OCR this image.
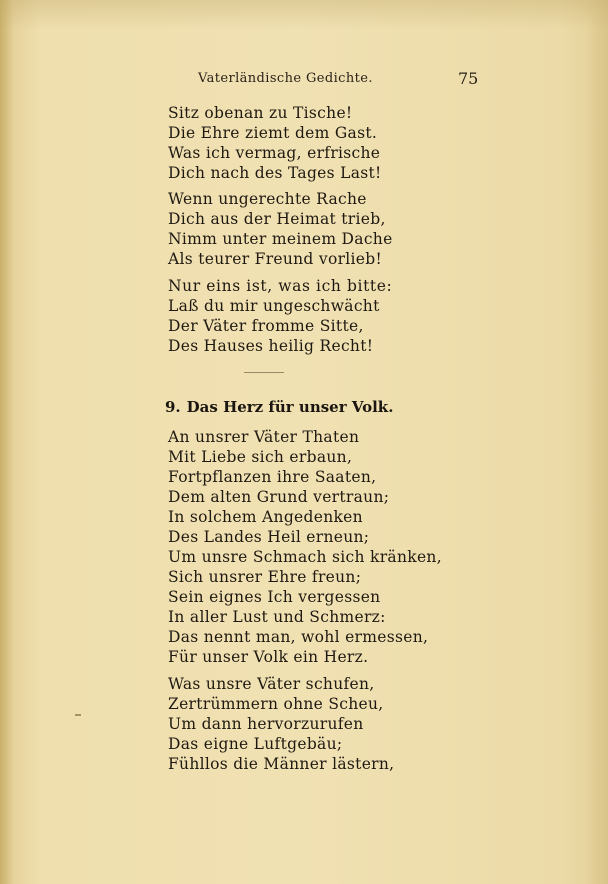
Vaterländische Gedichte.	75
Sitz obenan zu Tische!
Die Ehre ziemt dem Gast.
Was ich vermag, erfrische
Dich nach des Tages Last!
Wenn ungerechte Rache
Dich aus der Heimat trieb,
Nimm unter meinem Dache
Als teurer Freund vorlieb!
Nur eins ist, was ich bitte:
Laß du mir ungeschwächt
Der Väter fromme Sitte,
Des Hauses heilig Recht!
9. Das Herz für unser Volk.
An unsrer Väter Thaten
Mit Liebe sich erbaun,
Fortpflanzen ihre Saaten,
Dem alten Grund vertraun;
In solchem Angedenken
Des Landes Heil erneun;
Um unsre Schmach sich kränken,
Sich unsrer Ehre freun;
Sein eignes Ich vergessen
In aller Lust und Schmerz:
Das nennt man, wohl ermessen,
Für unser Volk ein Herz.
Was unsre Väter schufen,
Zertrümmern ohne Scheu,
Um dann hervorzurufen
Das eigne Luftgebäu;
Fühllos die Männer lästern,
